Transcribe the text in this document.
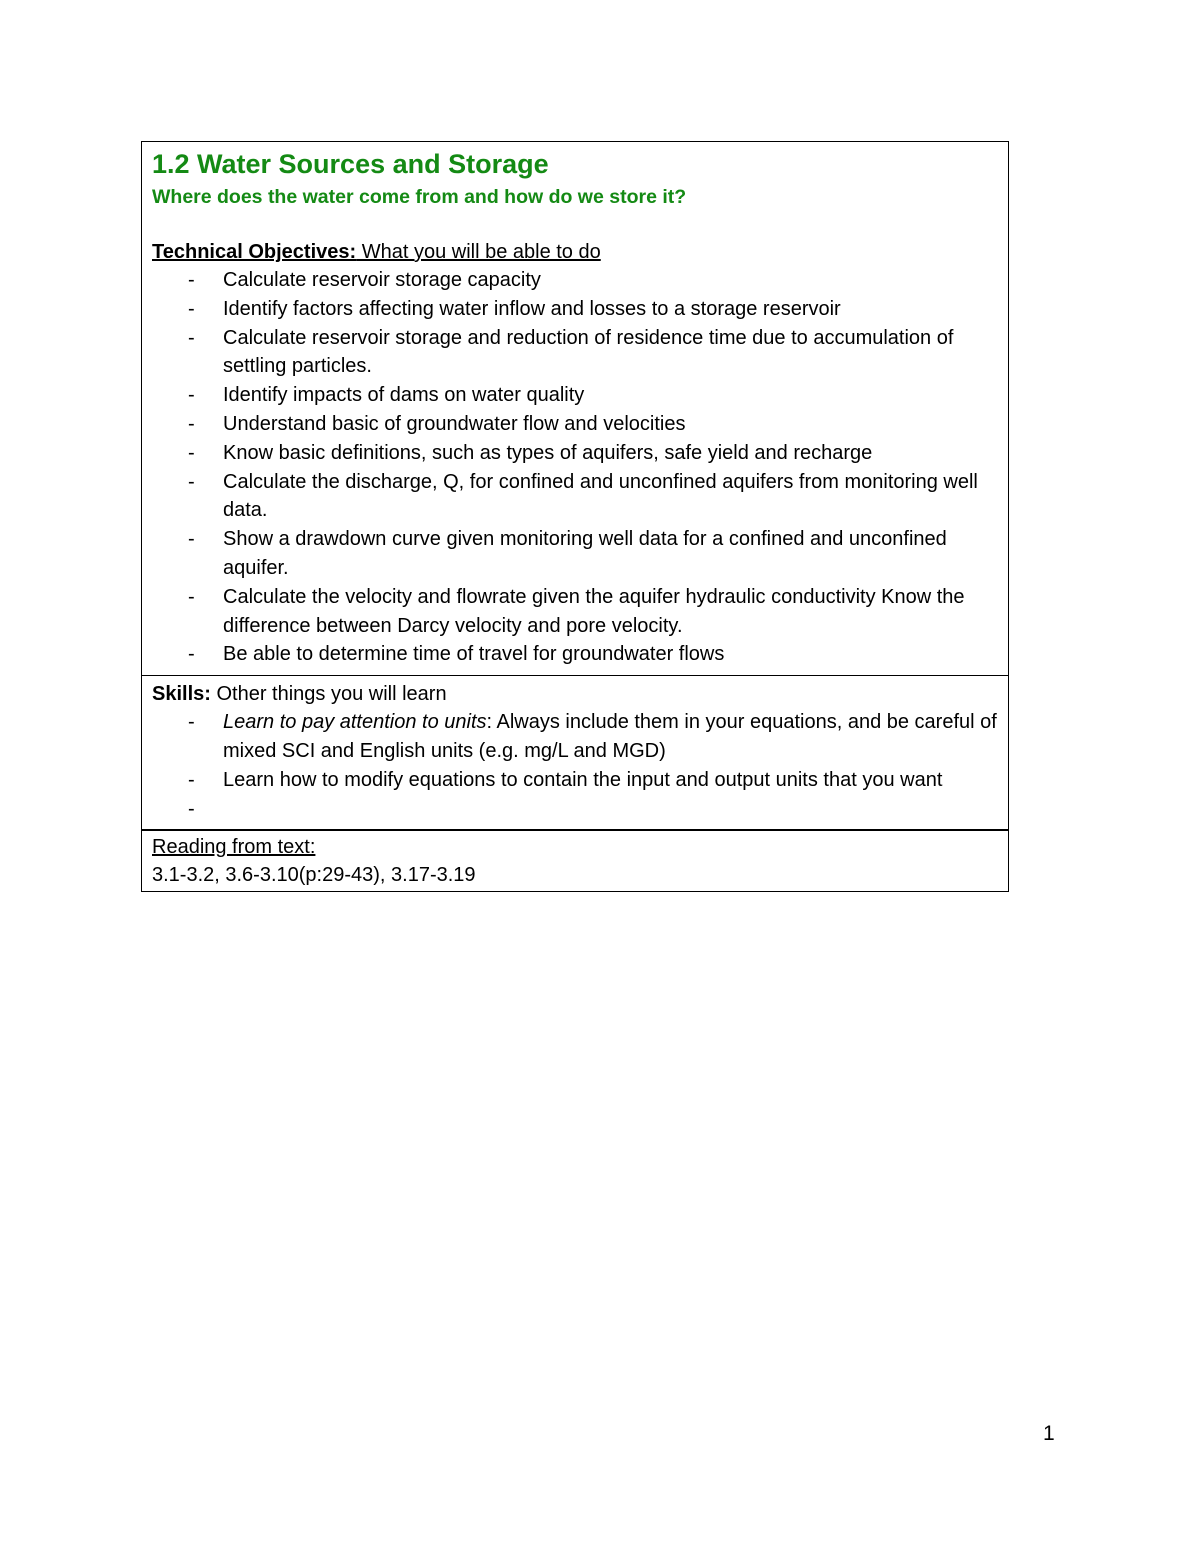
1.2 Water Sources and Storage

Where does the water come from and how do we store it?

Technical Objectives: What you will be able to do

- Calculate reservoir storage capacity
- Identify factors affecting water inflow and losses to a storage reservoir
- Calculate reservoir storage and reduction of residence time due to accumulation of settling particles.
- Identify impacts of dams on water quality
- Understand basic of groundwater flow and velocities
- Know basic definitions, such as types of aquifers, safe yield and recharge
- Calculate the discharge, Q, for confined and unconfined aquifers from monitoring well data.
- Show a drawdown curve given monitoring well data for a confined and unconfined aquifer.
- Calculate the velocity and flowrate given the aquifer hydraulic conductivity Know the difference between Darcy velocity and pore velocity.
- Be able to determine time of travel for groundwater flows

Skills: Other things you will learn

- Learn to pay attention to units: Always include them in your equations, and be careful of mixed SCI and English units (e.g. mg/L and MGD)
- Learn how to modify equations to contain the input and output units that you want
-

Reading from text:

3.1-3.2, 3.6-3.10(p:29-43), 3.17-3.19

1
